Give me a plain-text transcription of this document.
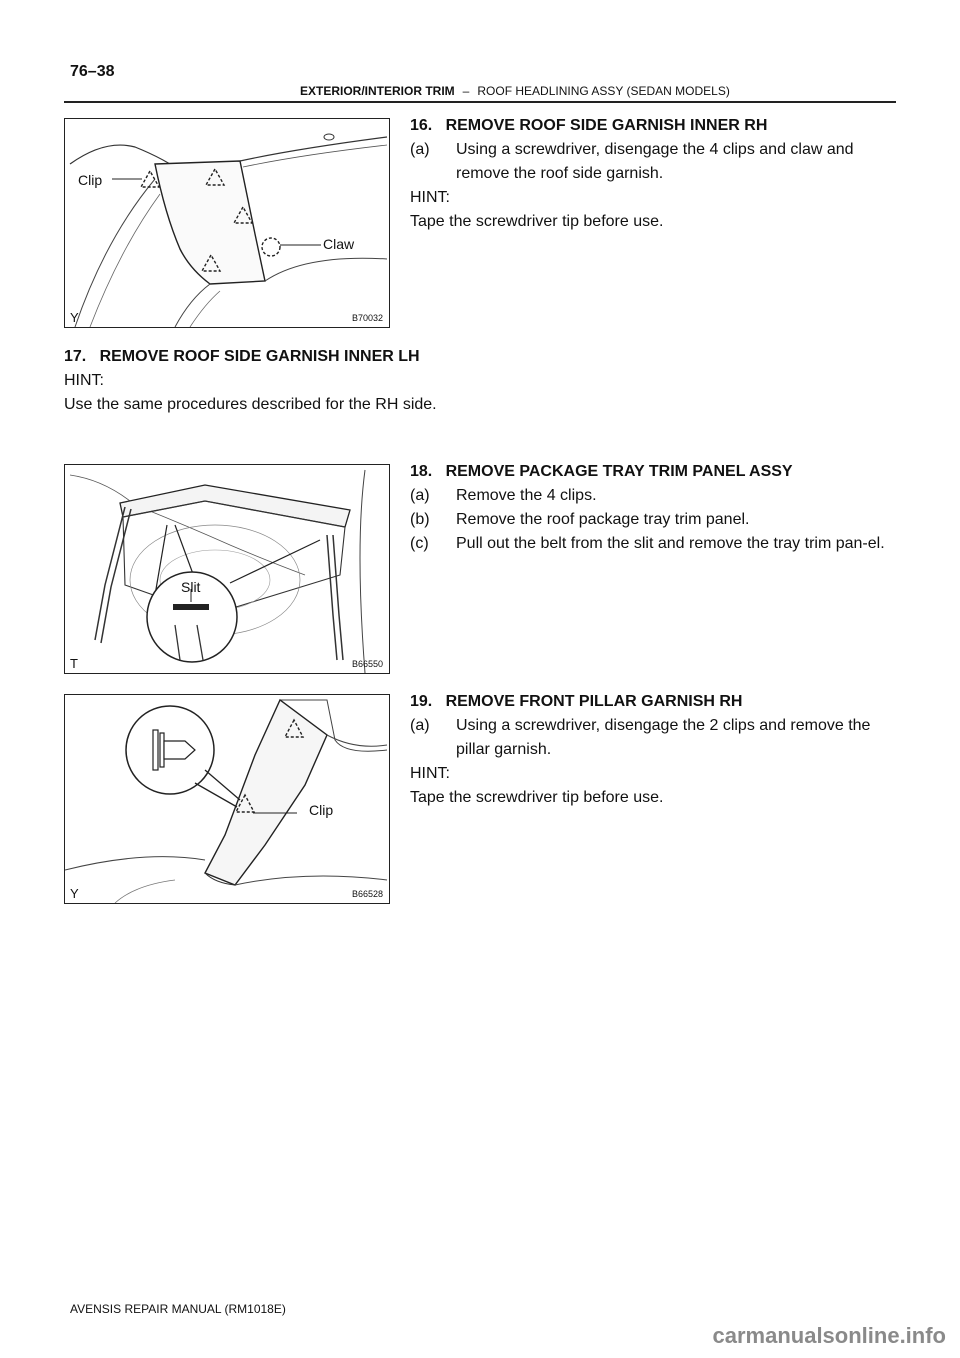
76–38
EXTERIOR/INTERIOR TRIM – ROOF HEADLINING ASSY (SEDAN MODELS)
Clip
Claw
Y	B70032
Slit
T	B66550
Clip
Y	B66528
16.   REMOVE ROOF SIDE GARNISH INNER RH
(a)	Using a screwdriver, disengage the 4 clips and claw and remove the roof side garnish.
HINT:
Tape the screwdriver tip before use.
17.   REMOVE ROOF SIDE GARNISH INNER LH
HINT:
Use the same procedures described for the RH side.
18.   REMOVE PACKAGE TRAY TRIM PANEL ASSY
(a)	Remove the 4 clips.
(b)	Remove the roof package tray trim panel.
(c)	Pull out the belt from the slit and remove the tray trim pan-el.
19.   REMOVE FRONT PILLAR GARNISH RH
(a)	Using a screwdriver, disengage the 2 clips and remove the pillar garnish.
HINT:
Tape the screwdriver tip before use.
AVENSIS REPAIR MANUAL (RM1018E)
carmanualsonline.info
